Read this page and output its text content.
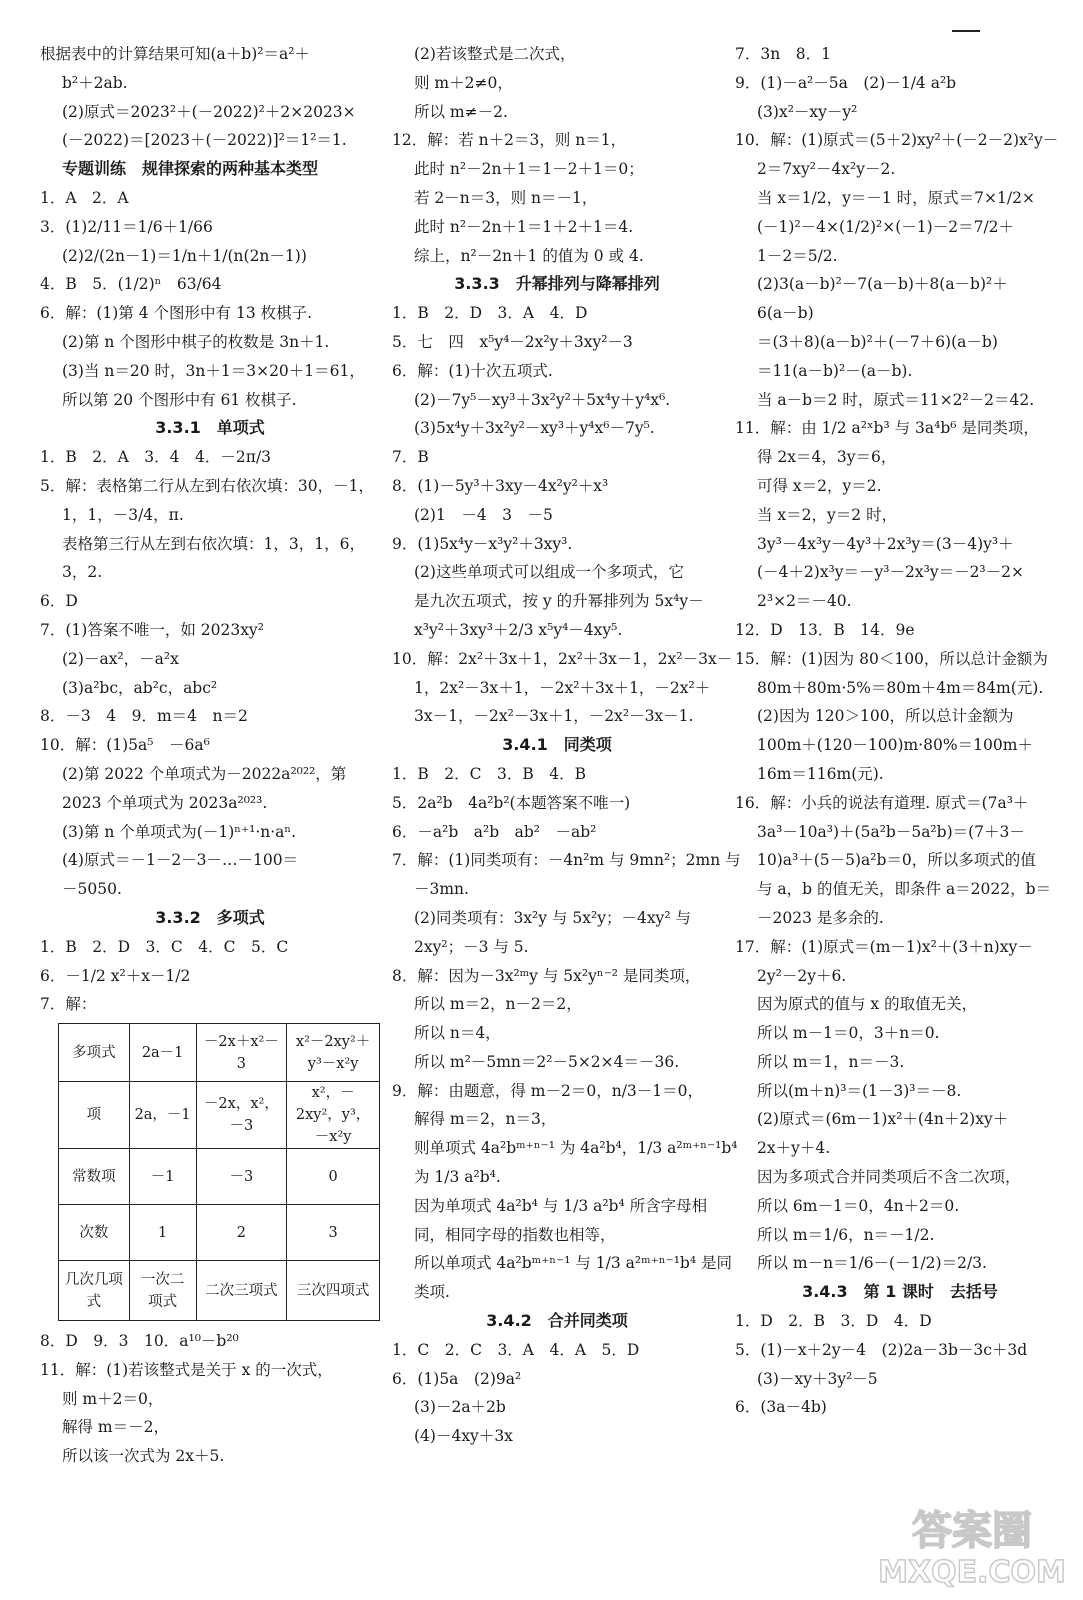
根据表中的计算结果可知(a＋b)²＝a²＋
b²＋2ab.
(2)原式＝2023²＋(－2022)²＋2×2023×
(－2022)＝[2023＋(－2022)]²＝1²＝1.
专题训练　规律探索的两种基本类型
1．A　2．A
3．(1)2/11＝1/6＋1/66
(2)2/(2n－1)＝1/n＋1/(n(2n－1))
4．B　5．(1/2)ⁿ　63/64
6．解：(1)第 4 个图形中有 13 枚棋子.
(2)第 n 个图形中棋子的枚数是 3n＋1.
(3)当 n＝20 时，3n＋1＝3×20＋1＝61，
所以第 20 个图形中有 61 枚棋子.
3.3.1　单项式
1．B　2．A　3．4　4．－2π/3
5．解：表格第二行从左到右依次填：30，－1，
1，1，－3/4，π.
表格第三行从左到右依次填：1，3，1，6，
3，2.
6．D
7．(1)答案不唯一，如 2023xy²
(2)－ax²，－a²x
(3)a²bc，ab²c，abc²
8．－3　4　9．m＝4　n＝2
10．解：(1)5a⁵　－6a⁶
(2)第 2022 个单项式为－2022a²⁰²²，第
2023 个单项式为 2023a²⁰²³.
(3)第 n 个单项式为(－1)ⁿ⁺¹·n·aⁿ.
(4)原式＝－1－2－3－…－100＝
－5050.
3.3.2　多项式
1．B　2．D　3．C　4．C　5．C
6．－1/2 x²＋x－1/2
7．解：
多项式	2a－1	－2x＋x²－3	x²－2xy²＋y³－x²y
项	2a，－1	－2x，x²，－3	x²，－2xy²，y³，－x²y
常数项	－1	－3	0
次数	1	2	3
几次几项式	一次二项式	二次三项式	三次四项式
8．D　9．3　10．a¹⁰－b²⁰
11．解：(1)若该整式是关于 x 的一次式，
则 m＋2＝0，
解得 m＝－2，
所以该一次式为 2x＋5.
(2)若该整式是二次式，
则 m＋2≠0，
所以 m≠－2.
12．解：若 n＋2＝3，则 n＝1，
此时 n²－2n＋1＝1－2＋1＝0；
若 2－n＝3，则 n＝－1，
此时 n²－2n＋1＝1＋2＋1＝4.
综上，n²－2n＋1 的值为 0 或 4.
3.3.3　升幂排列与降幂排列
1．B　2．D　3．A　4．D
5．七　四　x⁵y⁴－2x²y＋3xy²－3
6．解：(1)十次五项式.
(2)－7y⁵－xy³＋3x²y²＋5x⁴y＋y⁴x⁶.
(3)5x⁴y＋3x²y²－xy³＋y⁴x⁶－7y⁵.
7．B
8．(1)－5y³＋3xy－4x²y²＋x³
(2)1　－4　3　－5
9．(1)5x⁴y－x³y²＋3xy³.
(2)这些单项式可以组成一个多项式，它
是九次五项式，按 y 的升幂排列为 5x⁴y－
x³y²＋3xy³＋2/3 x⁵y⁴－4xy⁵.
10．解：2x²＋3x＋1，2x²＋3x－1，2x²－3x－
1，2x²－3x＋1，－2x²＋3x＋1，－2x²＋
3x－1，－2x²－3x＋1，－2x²－3x－1.
3.4.1　同类项
1．B　2．C　3．B　4．B
5．2a²b　4a²b²(本题答案不唯一)
6．－a²b　a²b　ab²　－ab²
7．解：(1)同类项有：－4n²m 与 9mn²；2mn 与
－3mn.
(2)同类项有：3x²y 与 5x²y；－4xy² 与
2xy²；－3 与 5.
8．解：因为－3x²ᵐy 与 5x²yⁿ⁻² 是同类项，
所以 m＝2，n－2＝2，
所以 n＝4，
所以 m²－5mn＝2²－5×2×4＝－36.
9．解：由题意，得 m－2＝0，n/3－1＝0，
解得 m＝2，n＝3，
则单项式 4a²bᵐ⁺ⁿ⁻¹ 为 4a²b⁴，1/3 a²ᵐ⁺ⁿ⁻¹b⁴
为 1/3 a²b⁴.
因为单项式 4a²b⁴ 与 1/3 a²b⁴ 所含字母相
同，相同字母的指数也相等，
所以单项式 4a²bᵐ⁺ⁿ⁻¹ 与 1/3 a²ᵐ⁺ⁿ⁻¹b⁴ 是同
类项.
3.4.2　合并同类项
1．C　2．C　3．A　4．A　5．D
6．(1)5a　(2)9a²
(3)－2a＋2b
(4)－4xy＋3x
7．3n　8．1
9．(1)－a²－5a　(2)－1/4 a²b
(3)x²－xy－y²
10．解：(1)原式＝(5＋2)xy²＋(－2－2)x²y－
2＝7xy²－4x²y－2.
当 x＝1/2，y＝－1 时，原式＝7×1/2×
(－1)²－4×(1/2)²×(－1)－2＝7/2＋
1－2＝5/2.
(2)3(a－b)²－7(a－b)＋8(a－b)²＋
6(a－b)
＝(3＋8)(a－b)²＋(－7＋6)(a－b)
＝11(a－b)²－(a－b).
当 a－b＝2 时，原式＝11×2²－2＝42.
11．解：由 1/2 a²ˣb³ 与 3a⁴b⁶ 是同类项，
得 2x＝4，3y＝6，
可得 x＝2，y＝2.
当 x＝2，y＝2 时，
3y³－4x³y－4y³＋2x³y＝(3－4)y³＋
(－4＋2)x³y＝－y³－2x³y＝－2³－2×
2³×2＝－40.
12．D　13．B　14．9e
15．解：(1)因为 80＜100，所以总计金额为
80m＋80m·5%＝80m＋4m＝84m(元).
(2)因为 120＞100，所以总计金额为
100m＋(120－100)m·80%＝100m＋
16m＝116m(元).
16．解：小兵的说法有道理. 原式＝(7a³＋
3a³－10a³)＋(5a²b－5a²b)＝(7＋3－
10)a³＋(5－5)a²b＝0，所以多项式的值
与 a，b 的值无关，即条件 a＝2022，b＝
－2023 是多余的.
17．解：(1)原式＝(m－1)x²＋(3＋n)xy－
2y²－2y＋6.
因为原式的值与 x 的取值无关，
所以 m－1＝0，3＋n＝0.
所以 m＝1，n＝－3.
所以(m＋n)³＝(1－3)³＝－8.
(2)原式＝(6m－1)x²＋(4n＋2)xy＋
2x＋y＋4.
因为多项式合并同类项后不含二次项，
所以 6m－1＝0，4n＋2＝0.
所以 m＝1/6，n＝－1/2.
所以 m－n＝1/6－(－1/2)＝2/3.
3.4.3　第 1 课时　去括号
1．D　2．B　3．D　4．D
5．(1)－x＋2y－4　(2)2a－3b－3c＋3d
(3)－xy＋3y²－5
6．(3a－4b)
答案圈
MXQE.COM
